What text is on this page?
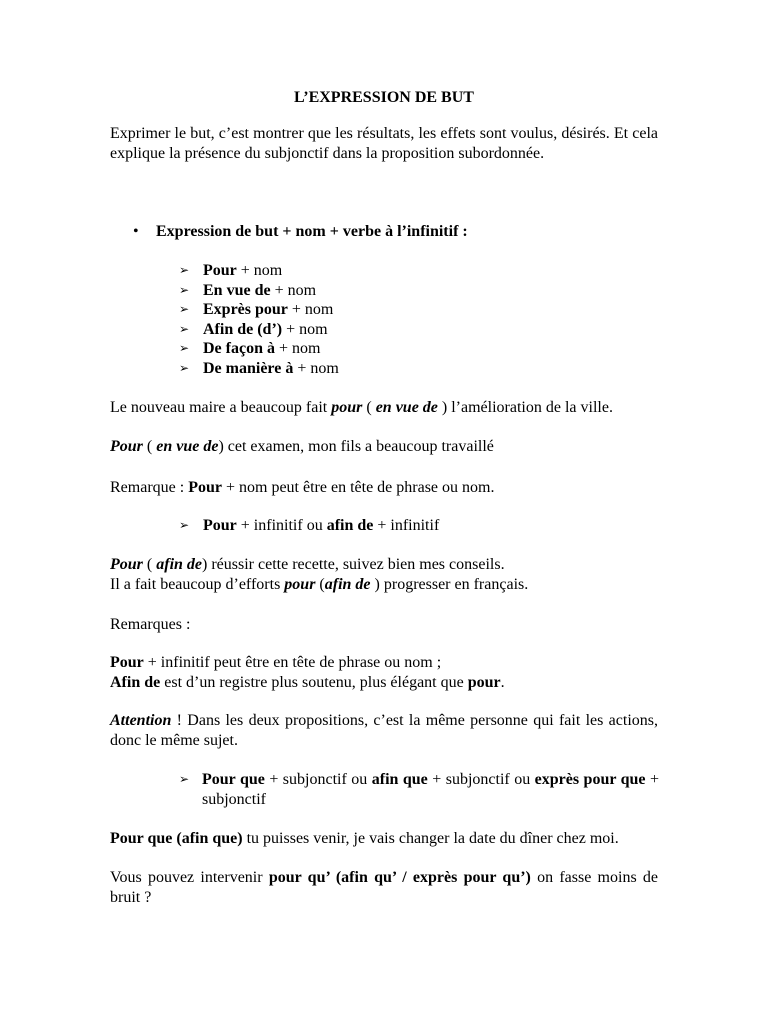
L’EXPRESSION DE BUT

Exprimer le but, c’est montrer que les résultats, les effets sont voulus, désirés. Et cela explique la présence du subjonctif dans la proposition subordonnée.

• Expression de but + nom + verbe à l’infinitif :
➢ Pour + nom
➢ En vue de + nom
➢ Exprès pour + nom
➢ Afin de (d’) + nom
➢ De façon à + nom
➢ De manière à + nom

Le nouveau maire a beaucoup fait pour ( en vue de ) l’amélioration de la ville.

Pour ( en vue de) cet examen, mon fils a beaucoup travaillé

Remarque : Pour + nom peut être en tête de phrase ou nom.

➢ Pour + infinitif ou afin de + infinitif

Pour ( afin de) réussir cette recette, suivez bien mes conseils.

Il a fait beaucoup d’efforts pour (afin de ) progresser en français.

Remarques :

Pour + infinitif peut être en tête de phrase ou nom ;

Afin de est d’un registre plus soutenu, plus élégant que pour.

Attention ! Dans les deux propositions, c’est la même personne qui fait les actions, donc le même sujet.

➢ Pour que + subjonctif ou afin que + subjonctif ou exprès pour que + subjonctif

Pour que (afin que) tu puisses venir, je vais changer la date du dîner chez moi.

Vous pouvez intervenir pour qu’ (afin qu’ / exprès pour qu’) on fasse moins de bruit ?
